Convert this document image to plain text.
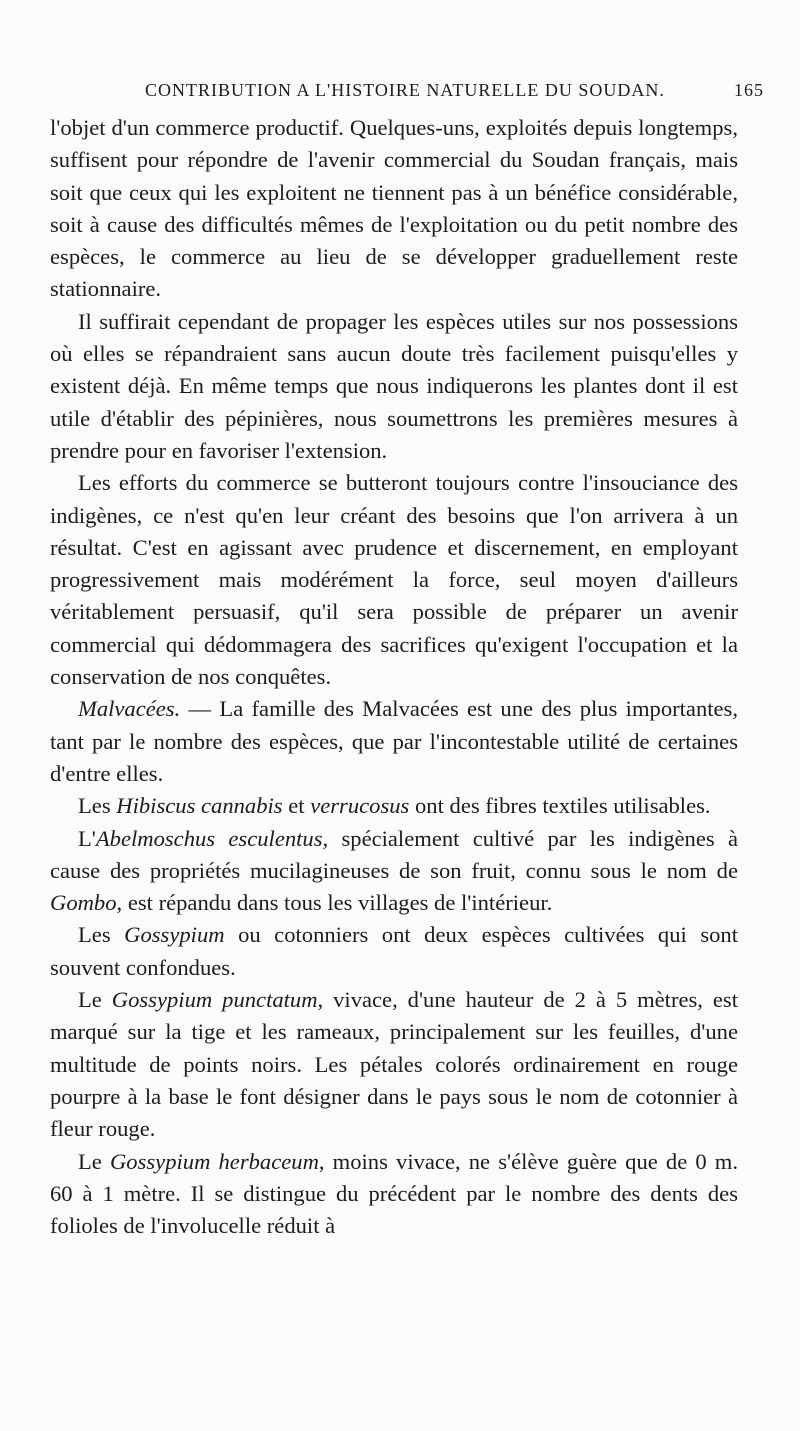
CONTRIBUTION A L'HISTOIRE NATURELLE DU SOUDAN.	165

l'objet d'un commerce productif. Quelques-uns, exploités depuis longtemps, suffisent pour répondre de l'avenir commercial du Soudan français, mais soit que ceux qui les exploitent ne tiennent pas à un bénéfice considérable, soit à cause des difficultés mêmes de l'exploitation ou du petit nombre des espèces, le commerce au lieu de se développer graduellement reste stationnaire.

Il suffirait cependant de propager les espèces utiles sur nos possessions où elles se répandraient sans aucun doute très facilement puisqu'elles y existent déjà. En même temps que nous indiquerons les plantes dont il est utile d'établir des pépinières, nous soumettrons les premières mesures à prendre pour en favoriser l'extension.

Les efforts du commerce se butteront toujours contre l'insouciance des indigènes, ce n'est qu'en leur créant des besoins que l'on arrivera à un résultat. C'est en agissant avec prudence et discernement, en employant progressivement mais modérément la force, seul moyen d'ailleurs véritablement persuasif, qu'il sera possible de préparer un avenir commercial qui dédommagera des sacrifices qu'exigent l'occupation et la conservation de nos conquêtes.

Malvacées. — La famille des Malvacées est une des plus importantes, tant par le nombre des espèces, que par l'incontestable utilité de certaines d'entre elles.

Les Hibiscus cannabis et verrucosus ont des fibres textiles utilisables.

L'Abelmoschus esculentus, spécialement cultivé par les indigènes à cause des propriétés mucilagineuses de son fruit, connu sous le nom de Gombo, est répandu dans tous les villages de l'intérieur.

Les Gossypium ou cotonniers ont deux espèces cultivées qui sont souvent confondues.

Le Gossypium punctatum, vivace, d'une hauteur de 2 à 5 mètres, est marqué sur la tige et les rameaux, principalement sur les feuilles, d'une multitude de points noirs. Les pétales colorés ordinairement en rouge pourpre à la base le font désigner dans le pays sous le nom de cotonnier à fleur rouge.

Le Gossypium herbaceum, moins vivace, ne s'élève guère que de 0 m. 60 à 1 mètre. Il se distingue du précédent par le nombre des dents des folioles de l'involucelle réduit à
